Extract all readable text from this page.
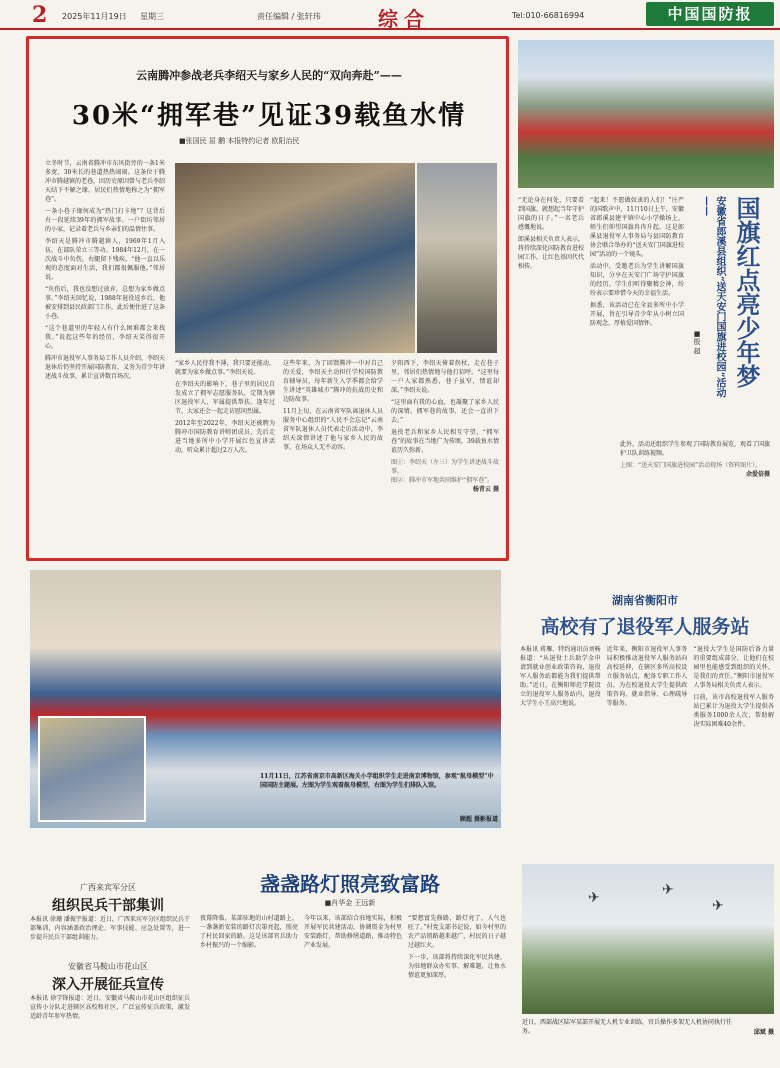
2 2025年11月19日 星期三	责任编辑 / 张轩玮	综合	Tel:010-66816994	中国国防报
云南腾冲参战老兵李绍天与家乡人民的“双向奔赴”——
30米“拥军巷”见证39载鱼水情
■张国民 屈 鹏 本报特约记者 欧阳治民

立冬时节，云南省腾冲市东风街旁的一条1米多宽、30米长的巷道热热闹闹。这条位于腾冲市腾越镇的老巷，因历史原因曾与老兵李绍天结下不解之缘，居民们热情地称之为“拥军巷”。

一条小巷子缘何成为“热门打卡地”？这背后有一段延续39年的拥军故事。一户街坊邻居的小家，记录着老兵与乡亲们的温情往事。

李绍天是腾冲市腾越镇人，1969年1月入伍，在部队荣立三等功。1984年12月，在一次战斗中负伤，右腿留下残疾。“他一直以乐观的态度面对生活，我们都很佩服他。”邻居说。

“负伤后，我也没想过放弃，总想为家乡做点事。”李绍天回忆说，1988年退役返乡后，他被安排到县民政部门工作，此后便住进了这条小巷。

“这个巷道里的年轻人有什么困难都会来找我。”说起这些年的经历，李绍天笑得很开心。

腾冲市退役军人事务局工作人员介绍，李绍天退休后仍坚持开展国防教育，义务为青少年讲述战斗故事，累计宣讲数百场次。

“家乡人民待我不薄，我只要还能动，就要为家乡做点事。”李绍天说。

在李绍天的影响下，巷子里的居民自发成立了拥军志愿服务队，定期为辖区退役军人、军属提供帮扶。逢年过节，大家还会一起走访慰问烈属。

2012年至2022年，李绍天还被聘为腾冲市国防教育讲师团成员，先后走进当地多所中小学开展红色宣讲活动，听众累计超过2万人次。

这些年来，为了回馈腾冲一中对自己的关爱，李绍天主动担任学校国防教育辅导员，每年新生入学季都会给学生讲述“英雄城市”腾冲的抗战历史和边防故事。

11月上旬，在云南省军队离退休人员服务中心组织的“人民不会忘记”云南省军队退休人员代表走访活动中，李绍天深情讲述了他与家乡人民的故事，在场众人无不动容。

夕阳西下，李绍天倚着拐杖，走在巷子里，邻居们热情地与他打招呼。“这里每一户人家都熟悉，巷子虽窄，情谊却深。”李绍天说。

“这里面有我的心血，也凝聚了家乡人民的深情。拥军巷的故事，还会一直讲下去。”

退役老兵和家乡人民相互守望，“拥军巷”的故事在当地广为传颂，39载鱼水情谊历久弥新。

图①：李绍天（左三）为学生讲述战斗故事。
图②：腾冲市军地共同维护“拥军巷”。

杨青云 摄

安徽省郎溪县组织“送天安门国旗进校园”活动—— 国旗红点亮少年梦
■殷 超

“起来！不愿做奴隶的人们！”庄严的国歌声中，11月10日上午，安徽省郎溪县建平镇中心小学操场上，师生们仰望国旗冉冉升起。这是郎溪县退役军人事务局与县国防教育协会联合举办的“送天安门国旗进校园”活动的一个镜头。

活动中，受邀老兵为学生讲解国旗知识，分享在天安门广场守护国旗的经历。学生们听得聚精会神，纷纷表示要珍惜今天的幸福生活。

据悉，该活动已在全县多所中小学开展，旨在引导青少年从小树立国防观念，厚植爱国情怀。

“无论身在何处，只要看到国旗，就想起当年守护国旗的日子。”一名老兵感慨地说。

郎溪县相关负责人表示，将持续深化国防教育进校园工作，让红色基因代代相传。

此外，活动还组织学生参观了国防教育展览，观看了国旗护卫队训练视频。

上图：“送天安门国旗进校园”活动现场（资料图片）。

余爱倍摄

11月11日，江苏省南京市高新区海关小学组织学生走进南京博物馆，参观“航母模型”中国国防主题展。左图为学生观看航母模型，右图为学生们排队入馆。
顾超 摄影报道
湖南省衡阳市
高校有了退役军人服务站

本报讯 蒋雁、特约通讯员刘畅报道：“从退役士兵助学金申请到就业创业政策咨询，退役军人服务站都能为我们提供帮助。”近日，在衡阳师范学院设立的退役军人服务站内，退役大学生小王高兴地说。

近年来，衡阳市退役军人事务局积极推动退役军人服务站向高校延伸，在辖区多所高校设立服务站点，配备专职工作人员，为在校退役大学生提供政策咨询、就业指导、心理疏导等服务。

“退役大学生是国防后备力量的重要组成部分，让他们在校园里也能感受到组织的关怀，是我们的责任。”衡阳市退役军人事务局相关负责人表示。

目前，该市高校退役军人服务站已累计为退役大学生提供各类服务1000余人次，帮助解决实际困难40余件。

广西来宾军分区
组织民兵干部集训
本报讯 徐珊 潘振宇报道：近日，广西来宾军分区组织民兵干部集训，内容涵盖政治理论、军事技能、应急处置等，进一步提升民兵干部组训能力。
安徽省马鞍山市花山区
深入开展征兵宣传
本报讯 徐学锋报道：近日，安徽省马鞍山市花山区组织征兵宣传小分队走进辖区高校和社区，广泛宣传征兵政策，激发适龄青年参军热情。
盏盏路灯照亮致富路
■肖华金 王远新

夜幕降临，某部驻地的山村道路上，一盏盏新安装的路灯次第亮起，照亮了村民回家的路。这是该部官兵助力乡村振兴的一个缩影。

今年以来，该部结合驻地实际，积极开展军民共建活动，协调资金为村里安装路灯，帮助修缮道路，推动特色产业发展。

“要想富先修路，路灯亮了，人气也旺了。”村党支部书记说，如今村里的农产品销路越来越广，村民的日子越过越红火。

下一步，该部将持续深化军民共建，为驻地群众办实事、解难题，让鱼水情谊更加深厚。

✈	✈
✈
近日，西部战区陆军某部开展无人机专业训练，官兵操作多架无人机协同执行任务。	邱斌 摄
